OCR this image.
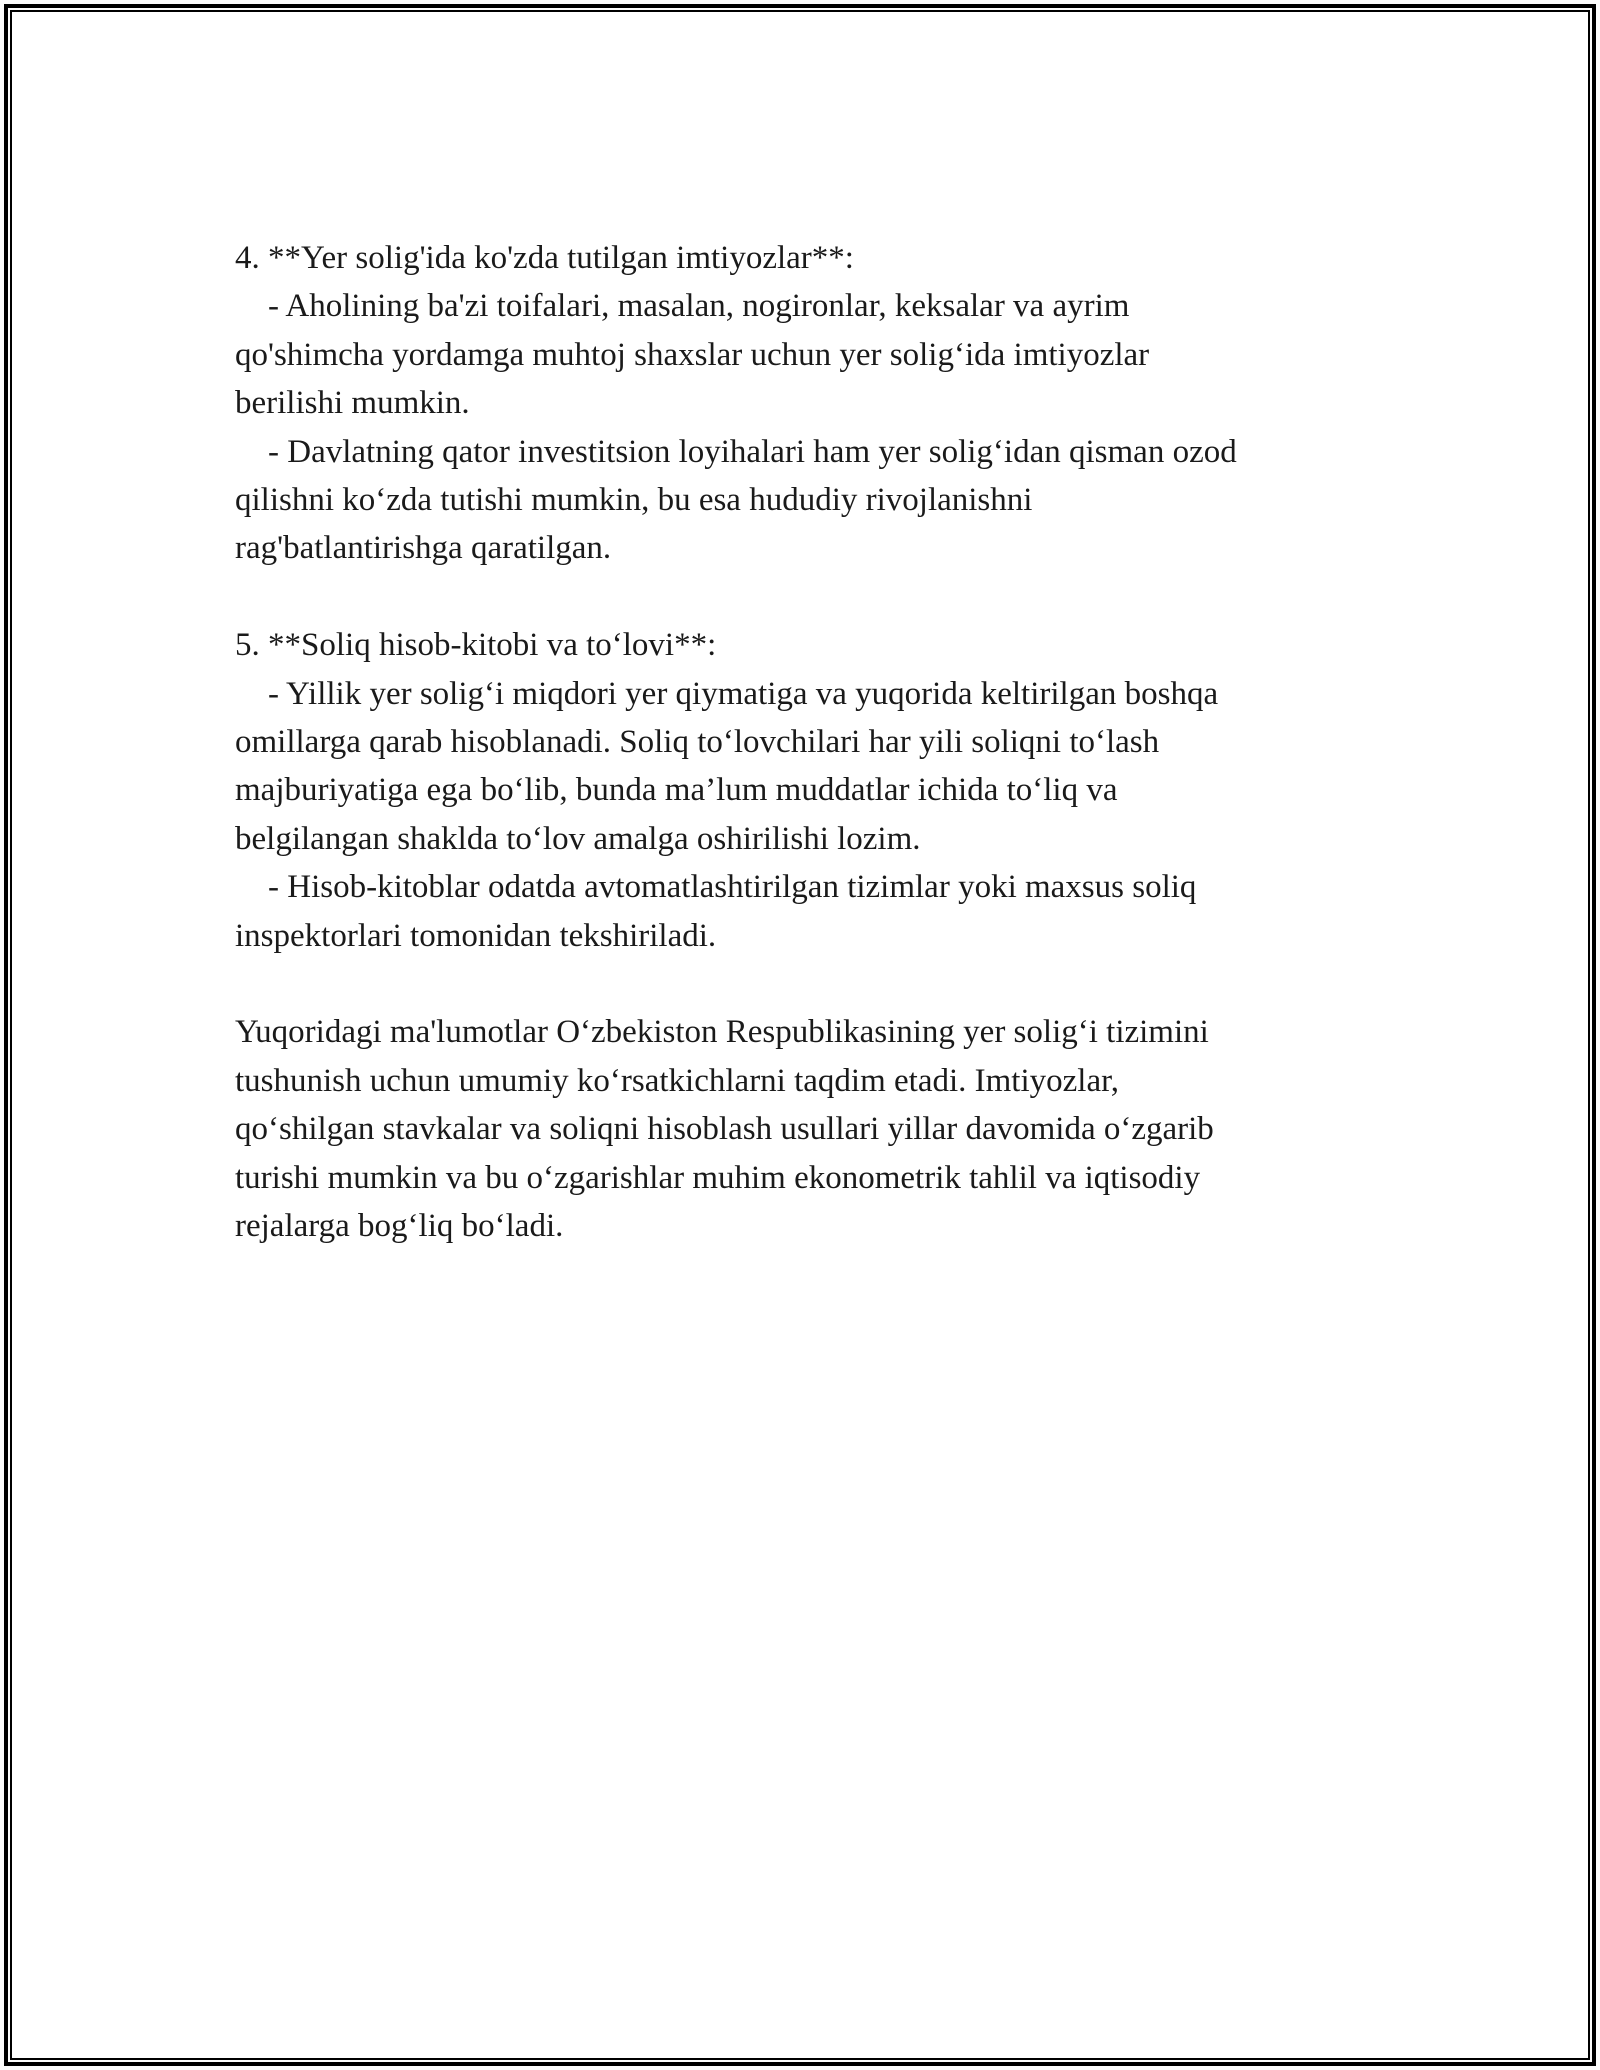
4. **Yer solig'ida ko'zda tutilgan imtiyozlar**:
- Aholining ba'zi toifalari, masalan, nogironlar, keksalar va ayrim
qo'shimcha yordamga muhtoj shaxslar uchun yer solig‘ida imtiyozlar
berilishi mumkin.
- Davlatning qator investitsion loyihalari ham yer solig‘idan qisman ozod
qilishni ko‘zda tutishi mumkin, bu esa hududiy rivojlanishni
rag'batlantirishga qaratilgan.
5. **Soliq hisob-kitobi va to‘lovi**:
- Yillik yer solig‘i miqdori yer qiymatiga va yuqorida keltirilgan boshqa
omillarga qarab hisoblanadi. Soliq to‘lovchilari har yili soliqni to‘lash
majburiyatiga ega bo‘lib, bunda ma’lum muddatlar ichida to‘liq va
belgilangan shaklda to‘lov amalga oshirilishi lozim.
- Hisob-kitoblar odatda avtomatlashtirilgan tizimlar yoki maxsus soliq
inspektorlari tomonidan tekshiriladi.
Yuqoridagi ma'lumotlar O‘zbekiston Respublikasining yer solig‘i tizimini
tushunish uchun umumiy ko‘rsatkichlarni taqdim etadi. Imtiyozlar,
qo‘shilgan stavkalar va soliqni hisoblash usullari yillar davomida o‘zgarib
turishi mumkin va bu o‘zgarishlar muhim ekonometrik tahlil va iqtisodiy
rejalarga bog‘liq bo‘ladi.
